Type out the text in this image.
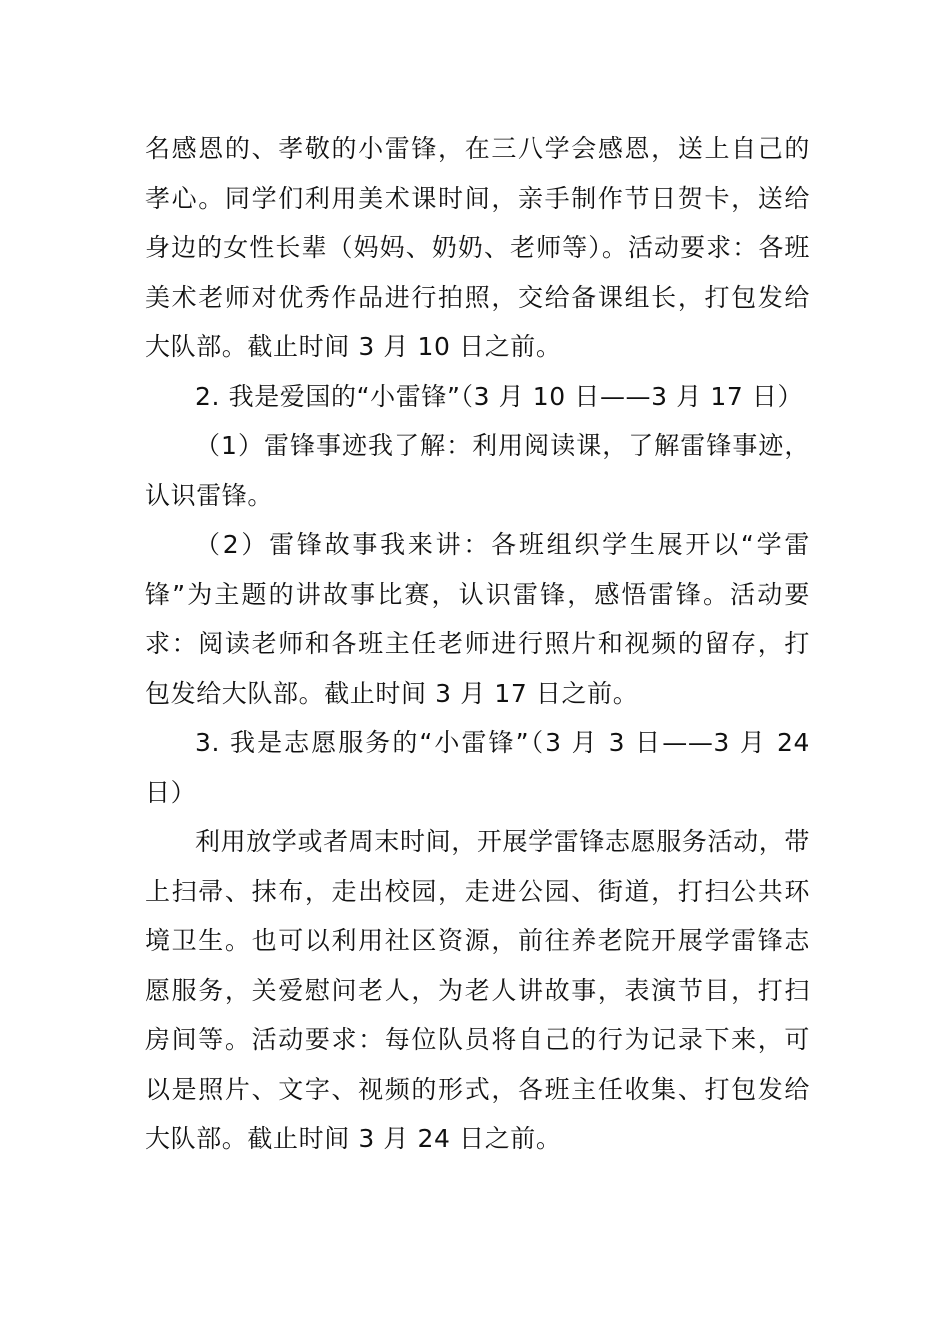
名感恩的、孝敬的小雷锋，在三八学会感恩，送上自己的孝心。同学们利用美术课时间，亲手制作节日贺卡，送给身边的女性长辈（妈妈、奶奶、老师等）。活动要求：各班美术老师对优秀作品进行拍照，交给备课组长，打包发给大队部。截止时间 3 月 10 日之前。

2. 我是爱国的“小雷锋”（3 月 10 日——3 月 17 日）

（1）雷锋事迹我了解：利用阅读课，了解雷锋事迹，认识雷锋。

（2）雷锋故事我来讲：各班组织学生展开以“学雷锋”为主题的讲故事比赛，认识雷锋，感悟雷锋。活动要求：阅读老师和各班主任老师进行照片和视频的留存，打包发给大队部。截止时间 3 月 17 日之前。

3. 我是志愿服务的“小雷锋”（3 月 3 日——3 月 24 日）

利用放学或者周末时间，开展学雷锋志愿服务活动，带上扫帚、抹布，走出校园，走进公园、街道，打扫公共环境卫生。也可以利用社区资源，前往养老院开展学雷锋志愿服务，关爱慰问老人，为老人讲故事，表演节目，打扫房间等。活动要求：每位队员将自己的行为记录下来，可以是照片、文字、视频的形式，各班主任收集、打包发给大队部。截止时间 3 月 24 日之前。
